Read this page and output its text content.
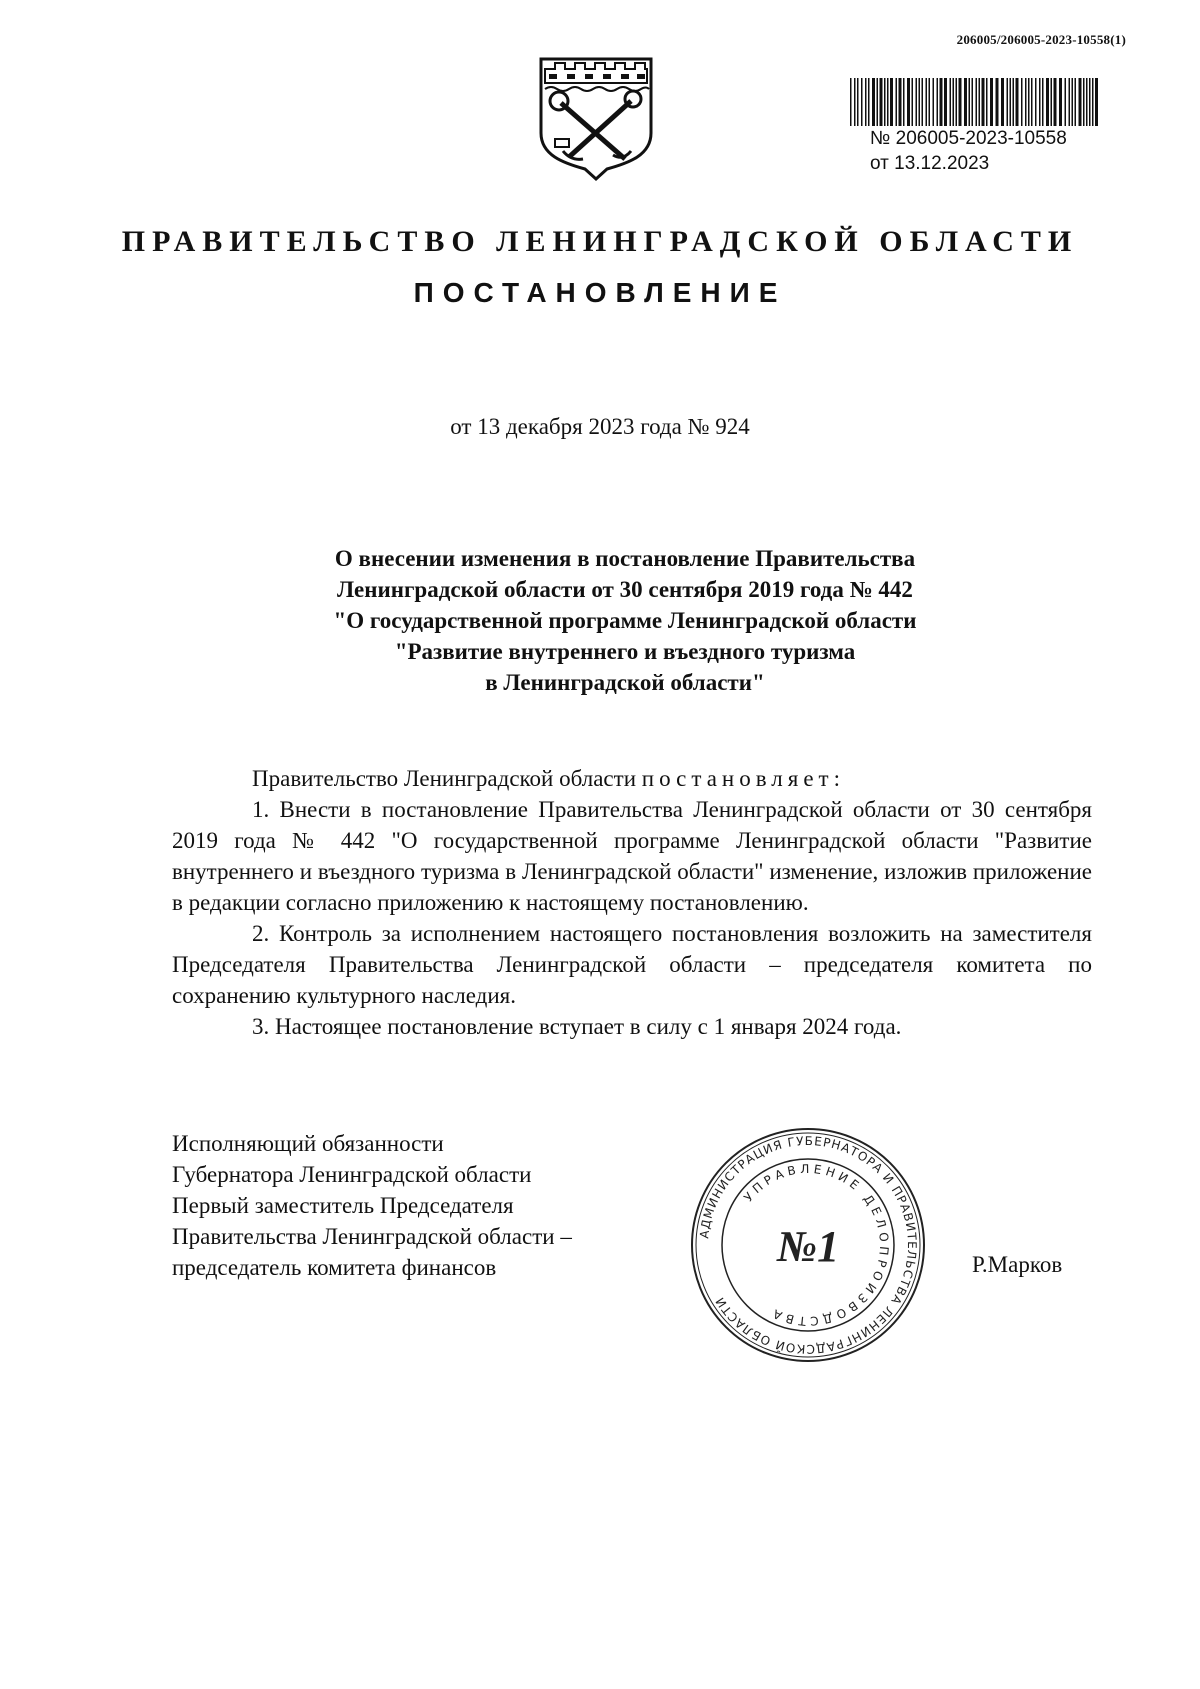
206005/206005-2023-10558(1)
№ 206005-2023-10558
от 13.12.2023
ПРАВИТЕЛЬСТВО ЛЕНИНГРАДСКОЙ ОБЛАСТИ
ПОСТАНОВЛЕНИЕ
от 13 декабря 2023 года № 924
О внесении изменения в постановление Правительства
Ленинградской области от 30 сентября 2019 года № 442
"О государственной программе Ленинградской области
"Развитие внутреннего и въездного туризма
в Ленинградской области"

Правительство Ленинградской области постановляет:

1. Внести в постановление Правительства Ленинградской области от 30 сентября 2019 года № 442 "О государственной программе Ленинградской области "Развитие внутреннего и въездного туризма в Ленинградской области" изменение, изложив приложение в редакции согласно приложению к настоящему постановлению.

2. Контроль за исполнением настоящего постановления возложить на заместителя Председателя Правительства Ленинградской области – председателя комитета по сохранению культурного наследия.

3. Настоящее постановление вступает в силу с 1 января 2024 года.

Исполняющий обязанности
Губернатора Ленинградской области
Первый заместитель Председателя
Правительства Ленинградской области –
председатель комитета финансов
АДМИНИСТРАЦИЯ ГУБЕРНАТОРА И ПРАВИТЕЛЬСТВА ЛЕНИНГРАДСКОЙ ОБЛАСТИ
УПРАВЛЕНИЕ ДЕЛОПРОИЗВОДСТВА
№1	Р.Марков
